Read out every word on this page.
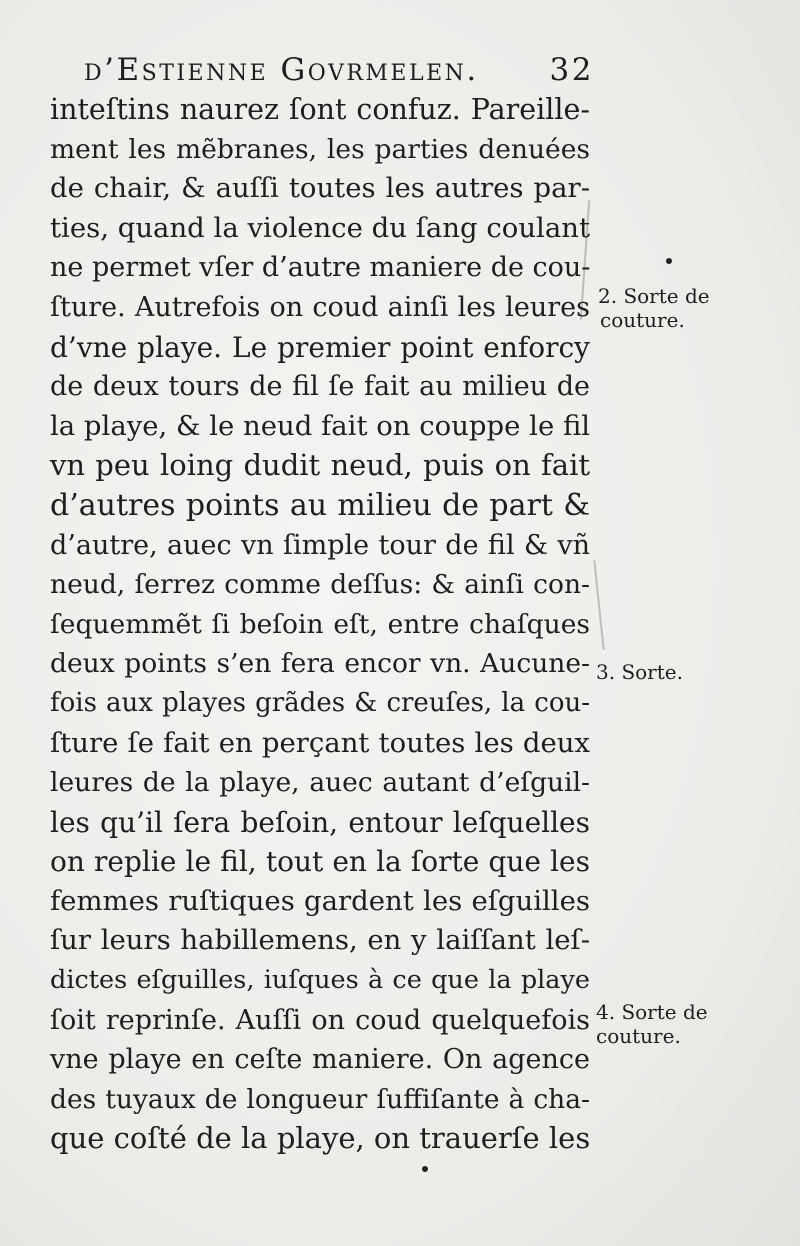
d’Estienne Govrmelen. 32
inteſtins naurez ſont confuz. Pareille-
ment les mẽbranes, les parties denuées
de chair, & auſſi toutes les autres par-
ties, quand la violence du ſang coulant
ne permet vſer d’autre maniere de cou-
ſture. Autrefois on coud ainſi les leures
d’vne playe. Le premier point enforcy
de deux tours de fil ſe fait au milieu de
la playe, & le neud fait on couppe le fil
vn peu loing dudit neud, puis on fait
d’autres points au milieu de part &
d’autre, auec vn ſimple tour de fil & vñ
neud, ſerrez comme deſſus: & ainſi con-
ſequemmẽt ſi beſoin eſt, entre chaſques
deux points s’en fera encor vn. Aucune-
fois aux playes grãdes & creuſes, la cou-
ſture ſe fait en perçant toutes les deux
leures de la playe, auec autant d’eſguil-
les qu’il ſera beſoin, entour leſquelles
on replie le fil, tout en la ſorte que les
femmes ruſtiques gardent les eſguilles
ſur leurs habillemens, en y laiſſant leſ-
dictes eſguilles, iuſques à ce que la playe
ſoit reprinſe. Auſſi on coud quelquefois
vne playe en ceſte maniere. On agence
des tuyaux de longueur ſuffiſante à cha-
que coſté de la playe, on trauerſe les
2. Sorte de
couture.
3. Sorte.
4. Sorte de
couture.
